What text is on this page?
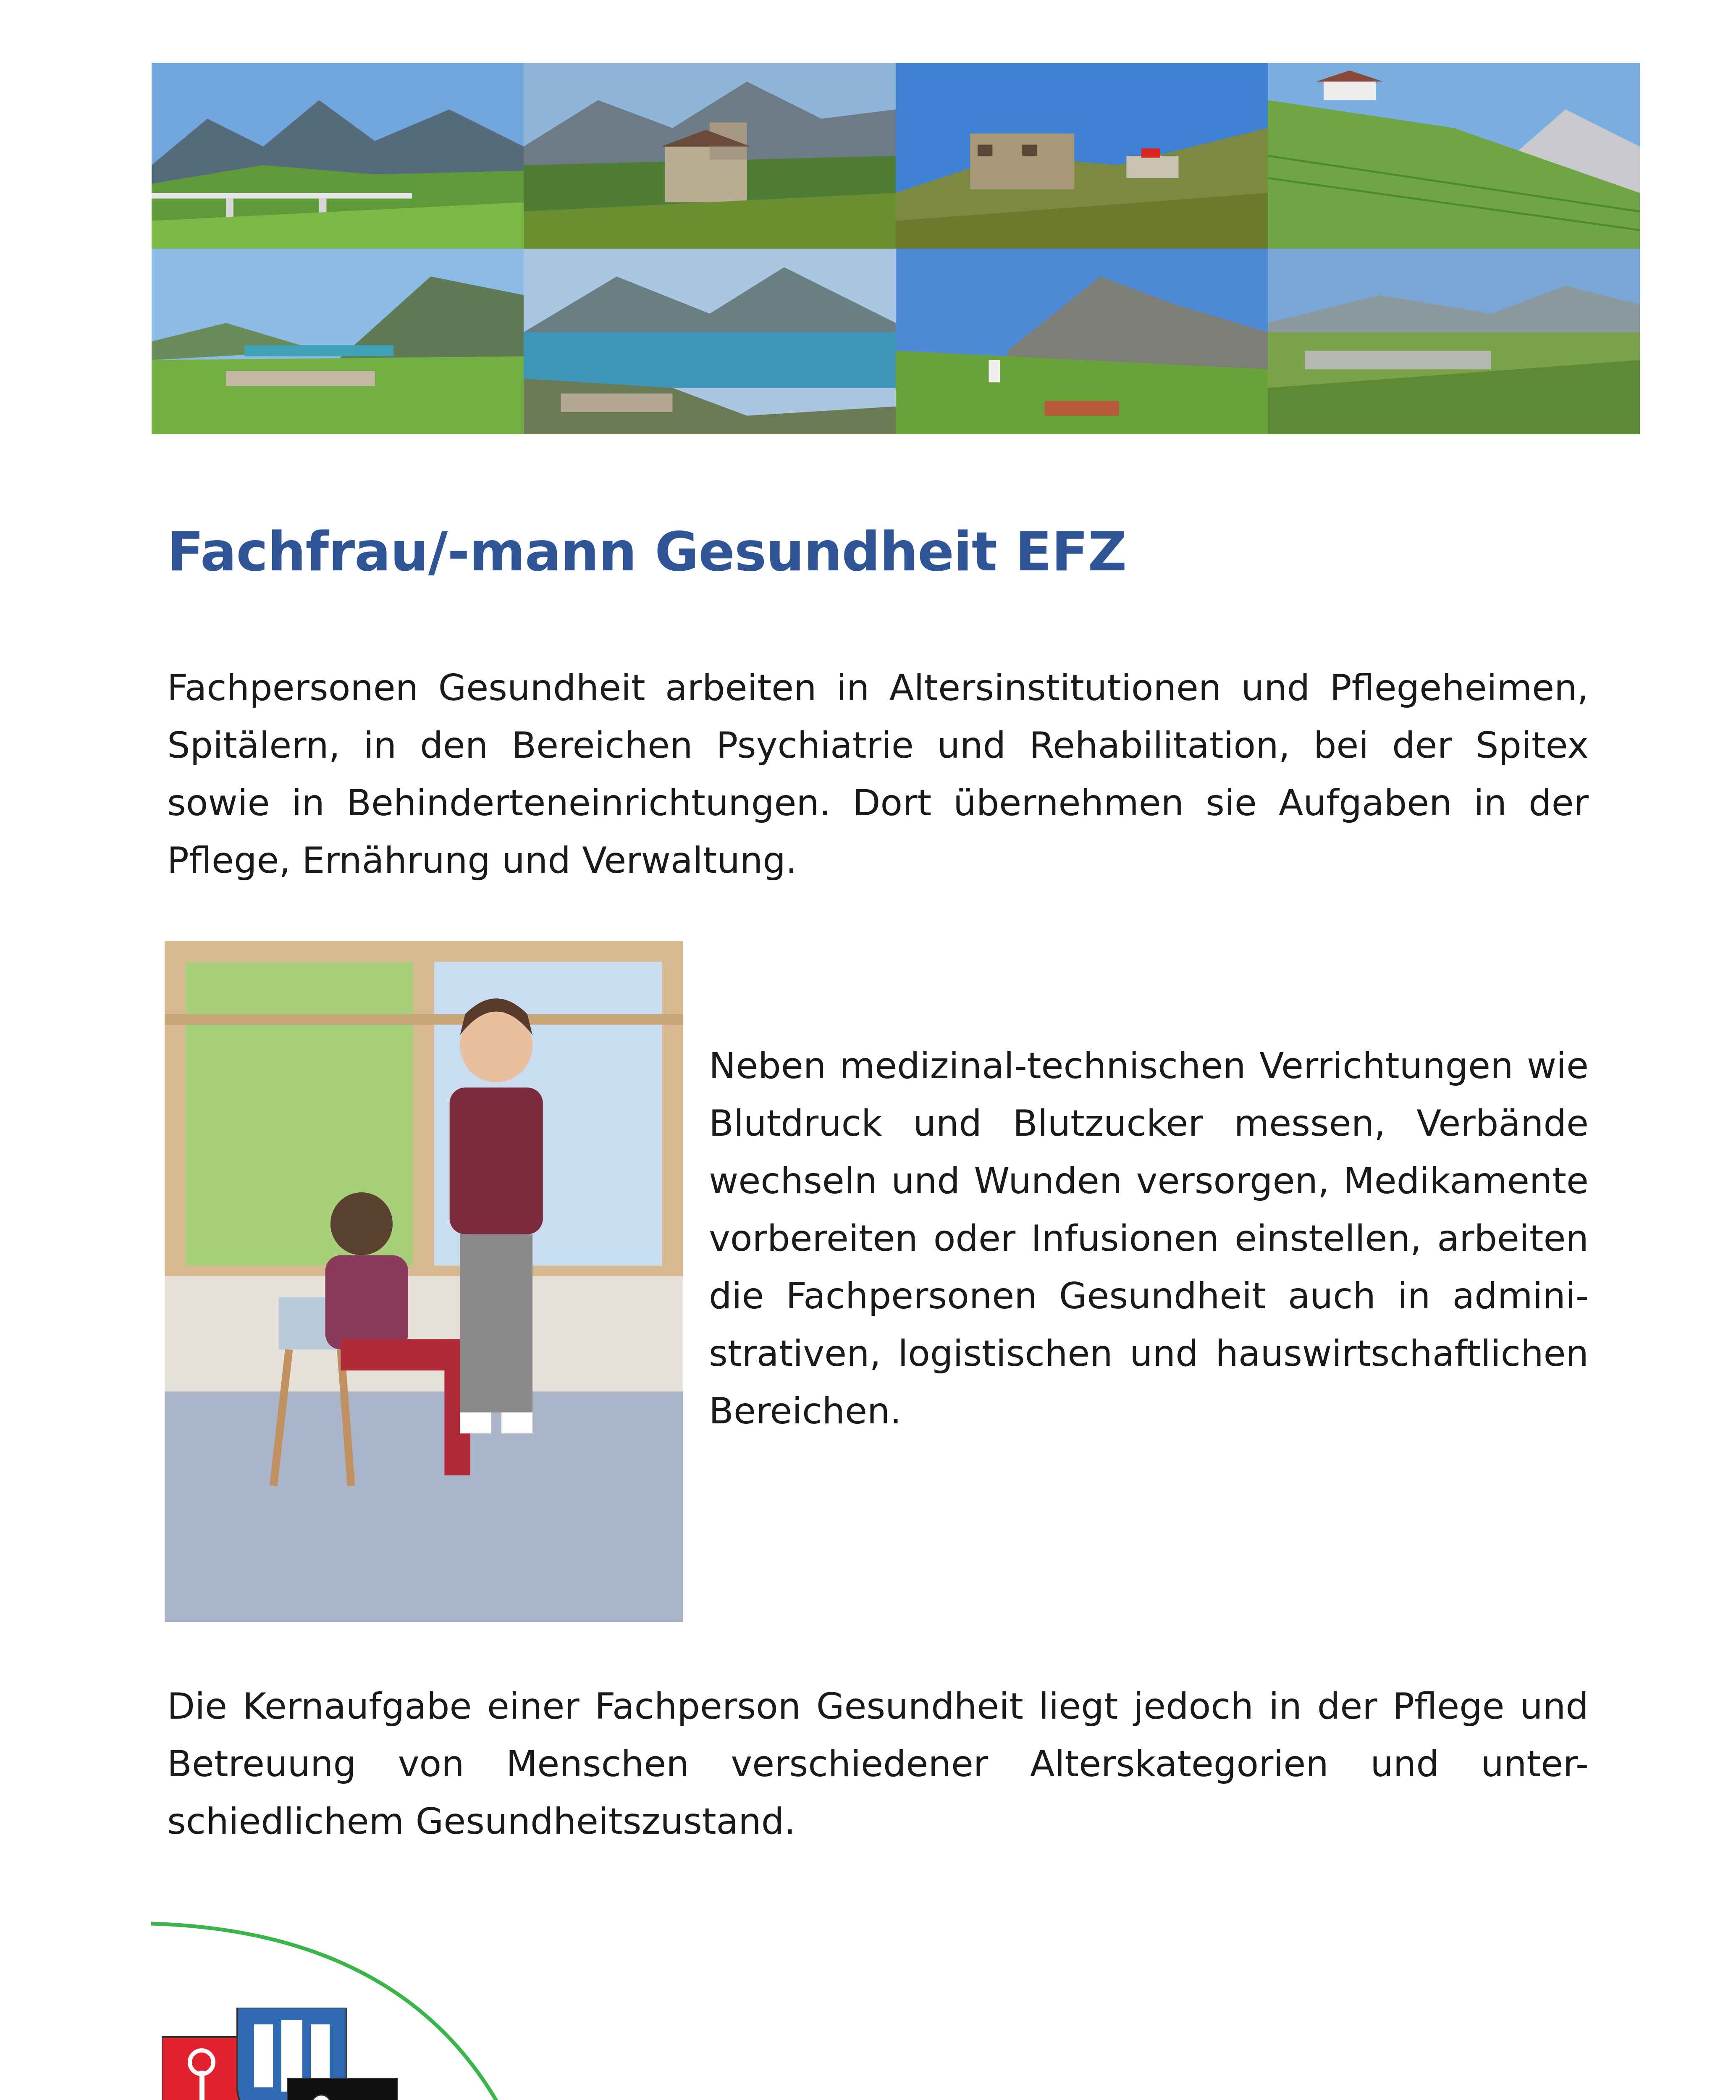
Fachfrau/-mann Gesundheit EFZ

Fachpersonen Gesundheit arbeiten in Altersinstitutionen und Pflegeheimen, Spitälern, in den Bereichen Psychiatrie und Rehabilitation, bei der Spitex sowie in Behinderteneinrichtungen. Dort übernehmen sie Aufgaben in der Pflege, Ernährung und Verwaltung.

Neben medizinal-technischen Verrichtungen wie Blutdruck und Blutzucker messen, Verbände wechseln und Wunden versorgen, Medikamente vorbereiten oder Infusionen einstellen, arbeiten die Fachpersonen Gesundheit auch in admini-strativen, logistischen und hauswirtschaftlichen Bereichen.

Die Kernaufgabe einer Fachperson Gesundheit liegt jedoch in der Pflege und Betreuung von Menschen verschiedener Alterskategorien und unter-schiedlichem Gesundheitszustand.
